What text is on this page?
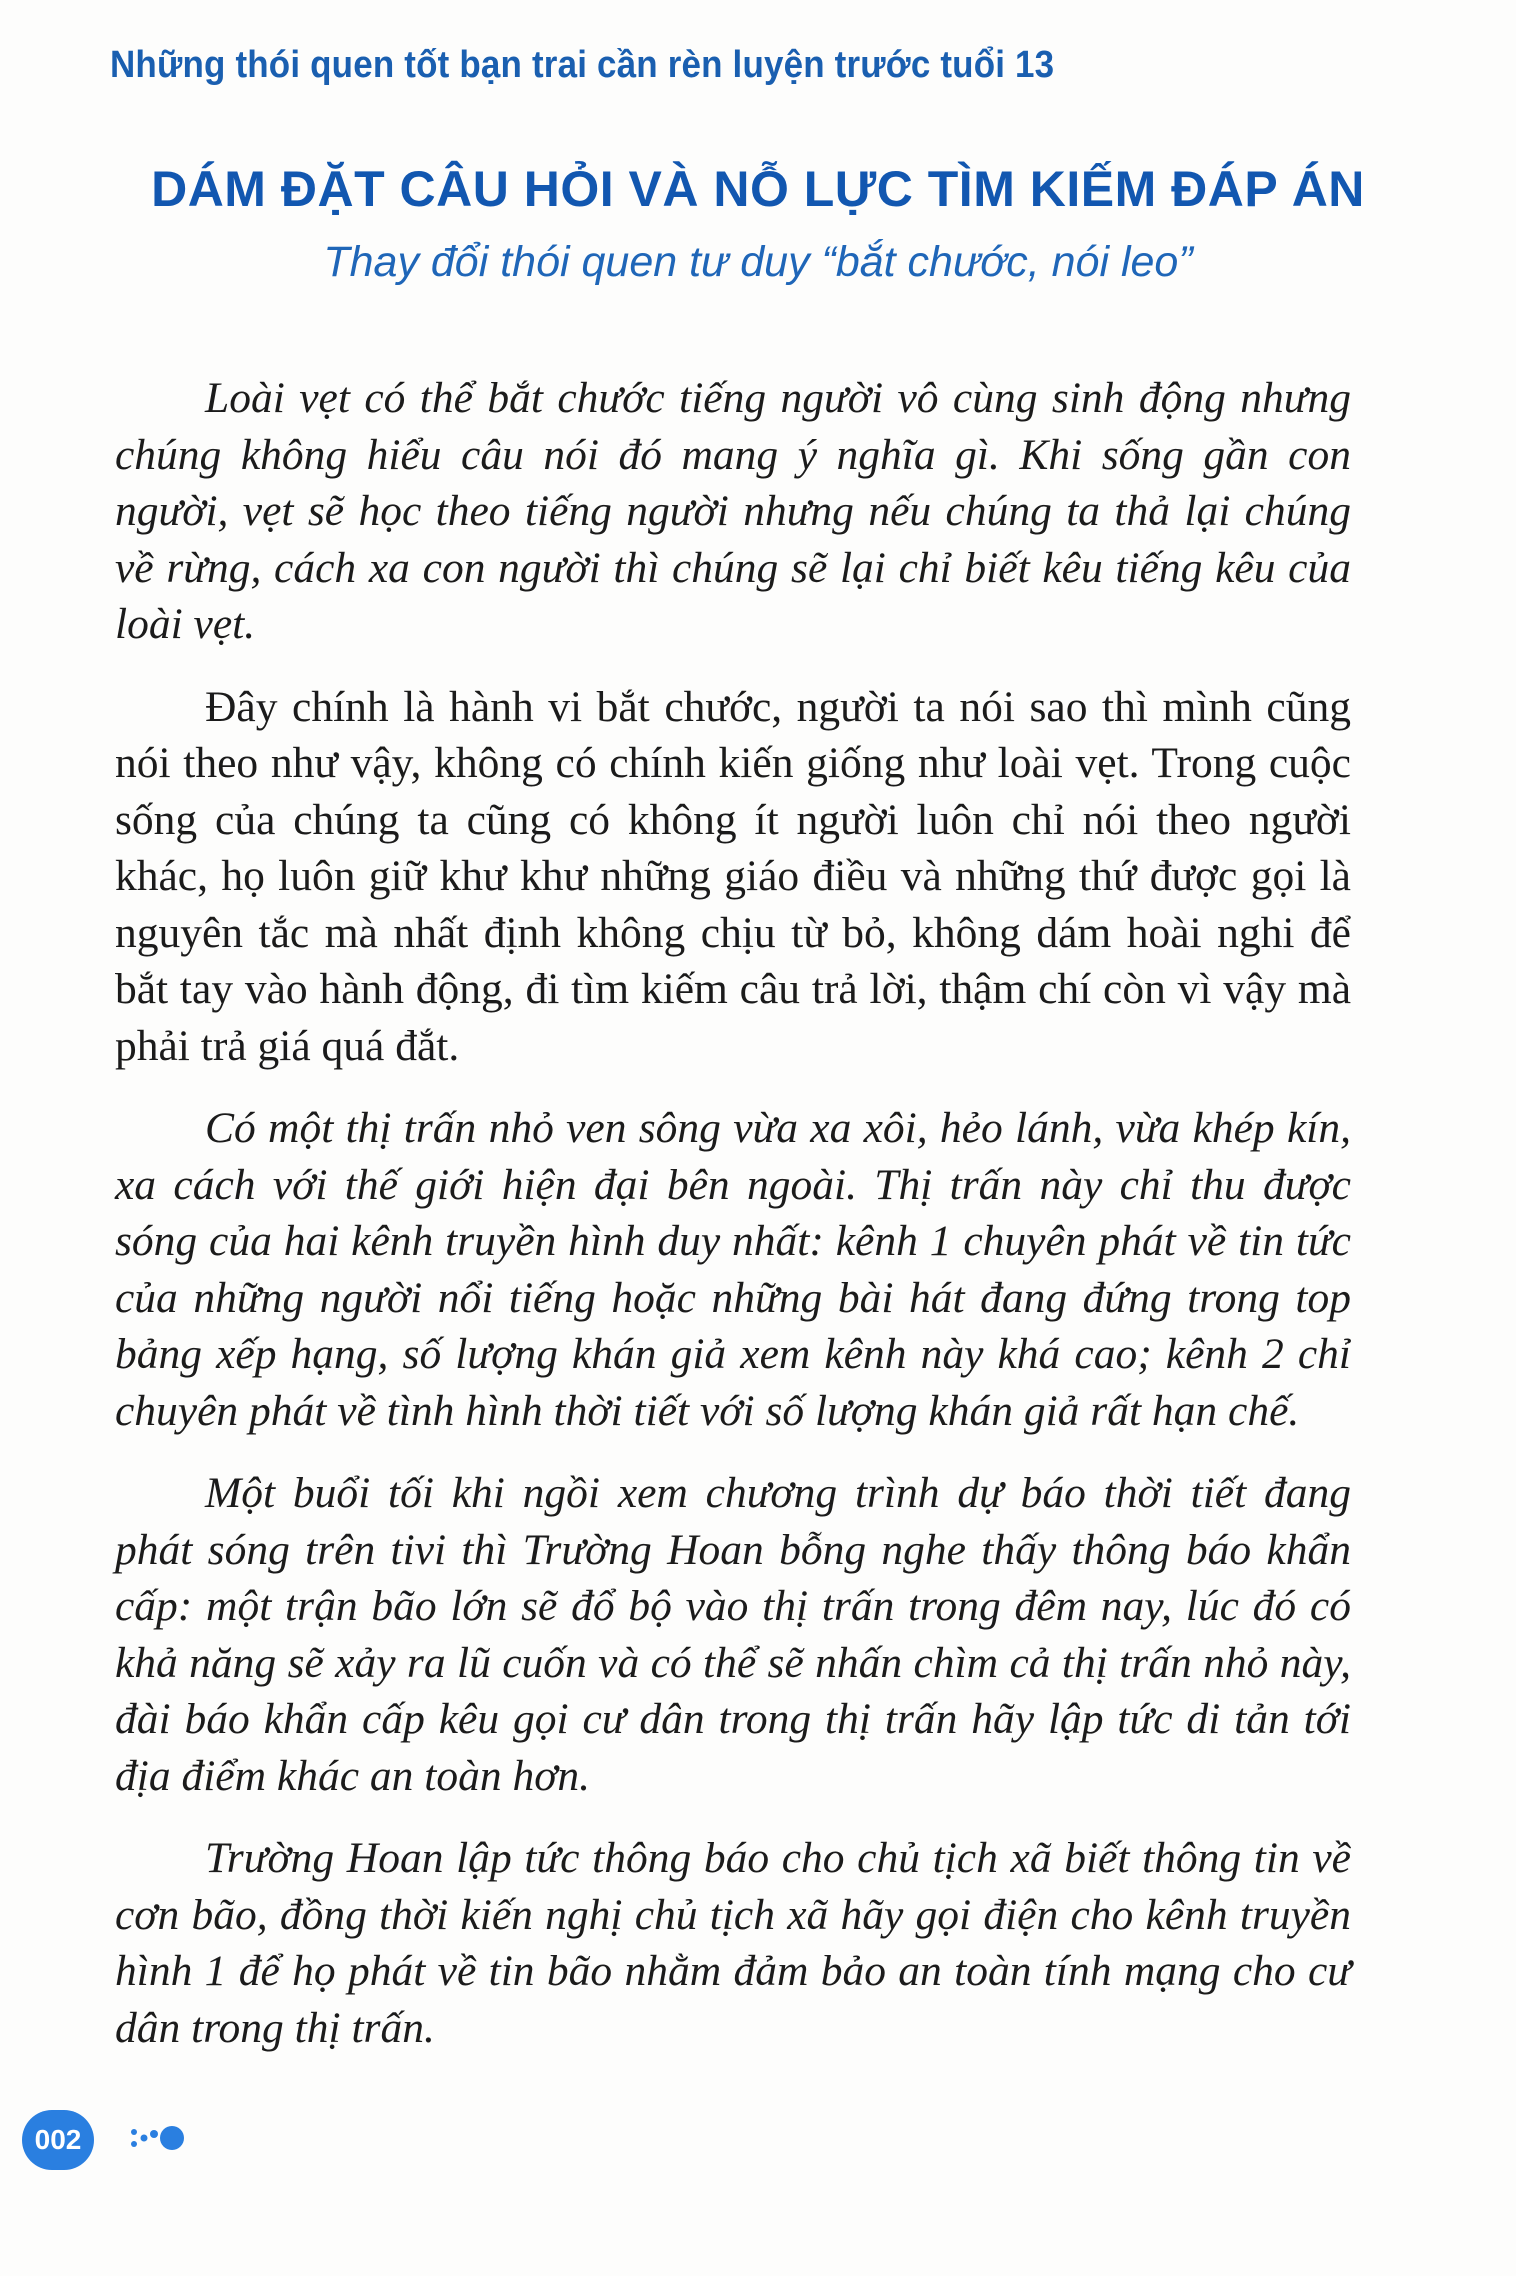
Những thói quen tốt bạn trai cần rèn luyện trước tuổi 13
DÁM ĐẶT CÂU HỎI VÀ NỖ LỰC TÌM KIẾM ĐÁP ÁN
Thay đổi thói quen tư duy “bắt chước, nói leo”

Loài vẹt có thể bắt chước tiếng người vô cùng sinh động nhưng chúng không hiểu câu nói đó mang ý nghĩa gì. Khi sống gần con người, vẹt sẽ học theo tiếng người nhưng nếu chúng ta thả lại chúng về rừng, cách xa con người thì chúng sẽ lại chỉ biết kêu tiếng kêu của loài vẹt.

Đây chính là hành vi bắt chước, người ta nói sao thì mình cũng nói theo như vậy, không có chính kiến giống như loài vẹt. Trong cuộc sống của chúng ta cũng có không ít người luôn chỉ nói theo người khác, họ luôn giữ khư khư những giáo điều và những thứ được gọi là nguyên tắc mà nhất định không chịu từ bỏ, không dám hoài nghi để bắt tay vào hành động, đi tìm kiếm câu trả lời, thậm chí còn vì vậy mà phải trả giá quá đắt.

Có một thị trấn nhỏ ven sông vừa xa xôi, hẻo lánh, vừa khép kín, xa cách với thế giới hiện đại bên ngoài. Thị trấn này chỉ thu được sóng của hai kênh truyền hình duy nhất: kênh 1 chuyên phát về tin tức của những người nổi tiếng hoặc những bài hát đang đứng trong top bảng xếp hạng, số lượng khán giả xem kênh này khá cao; kênh 2 chỉ chuyên phát về tình hình thời tiết với số lượng khán giả rất hạn chế.

Một buổi tối khi ngồi xem chương trình dự báo thời tiết đang phát sóng trên tivi thì Trường Hoan bỗng nghe thấy thông báo khẩn cấp: một trận bão lớn sẽ đổ bộ vào thị trấn trong đêm nay, lúc đó có khả năng sẽ xảy ra lũ cuốn và có thể sẽ nhấn chìm cả thị trấn nhỏ này, đài báo khẩn cấp kêu gọi cư dân trong thị trấn hãy lập tức di tản tới địa điểm khác an toàn hơn.

Trường Hoan lập tức thông báo cho chủ tịch xã biết thông tin về cơn bão, đồng thời kiến nghị chủ tịch xã hãy gọi điện cho kênh truyền hình 1 để họ phát về tin bão nhằm đảm bảo an toàn tính mạng cho cư dân trong thị trấn.

002
